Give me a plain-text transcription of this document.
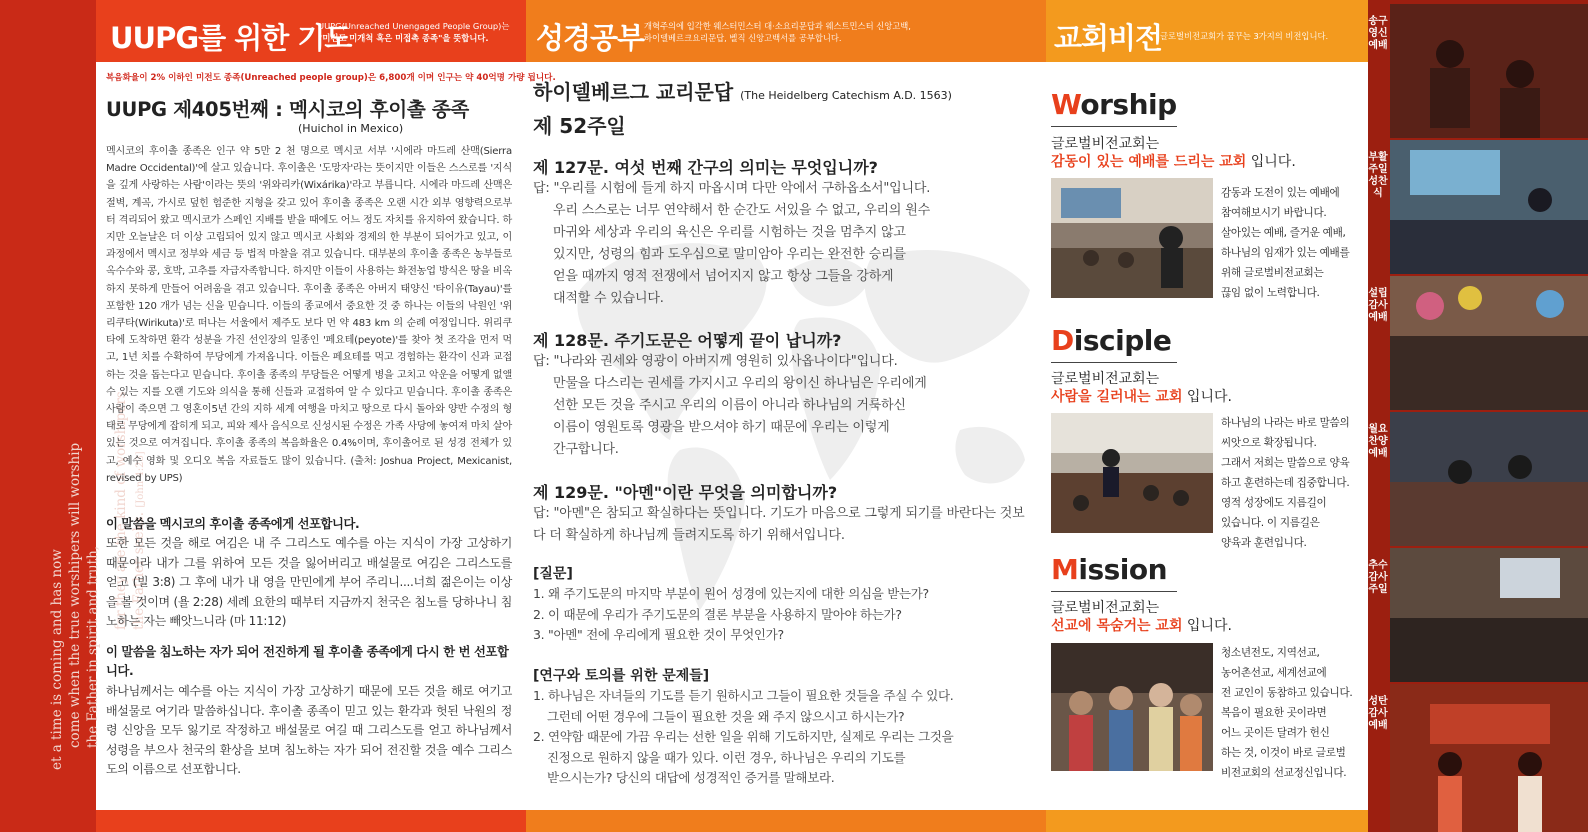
et a time is coming and has now come when the true worshipers will worship the Father in spirit and truth,
for they are the kind of worshipers the Father seeks. [John 4:23]
UUPG를 위한 기도
UUPG(Unreached Unengaged People Group)는
"미전도 미개척 혹은 미접촉 종족"을 뜻합니다. 성경공부 개혁주의에 입각한 웨스터민스터 대·소요리문답과 웨스트민스터 신앙고백,
하이델베르크요리문답, 벨직 신앙고백서를 공부합니다.	교회비전
글로벌비전교회가 꿈꾸는 3가지의 비전입니다.
복음화율이 2% 이하인 미전도 종족(Unreached people group)은 6,800개 이며 인구는 약 40억명 가량 됩니다.
UUPG 제405번째 : 멕시코의 후이촐 종족
(Huichol in Mexico)
멕시코의 후이촐 종족은 인구 약 5만 2 천 명으로 멕시코 서부 '시에라 마드레 산맥(Sierra Madre Occidental)'에 살고 있습니다. 후이촐은 '도망자'라는 뜻이지만 이들은 스스로를 '지식을 깊게 사랑하는 사람'이라는 뜻의 '위와리카(Wixárika)'라고 부릅니다. 시에라 마드레 산맥은 절벽, 계곡, 가시로 덮힌 험준한 지형을 갖고 있어 후이촐 종족은 오랜 시간 외부 영향력으로부터 격리되어 왔고 멕시코가 스페인 지배를 받을 때에도 어느 정도 자치를 유지하여 왔습니다. 하지만 오늘날은 더 이상 고립되어 있지 않고 멕시코 사회와 경제의 한 부분이 되어가고 있고, 이 과정에서 멕시코 정부와 세금 등 법적 마찰을 겪고 있습니다. 대부분의 후이촐 종족은 농부들로 옥수수와 콩, 호박, 고추를 자급자족합니다. 하지만 이들이 사용하는 화전농업 방식은 땅을 비옥하지 못하게 만들어 어려움을 겪고 있습니다. 후이촐 종족은 아버지 태양신 '타이유(Tayau)'를 포함한 120 개가 넘는 신을 믿습니다. 이들의 종교에서 중요한 것 중 하나는 이들의 낙원인 '위리쿠타(Wirikuta)'로 떠나는 서울에서 제주도 보다 먼 약 483 km 의 순례 여정입니다. 위리쿠타에 도착하면 환각 성분을 가진 선인장의 일종인 '페요테(peyote)'를 찾아 첫 조각을 먼저 먹고, 1년 치를 수확하여 무당에게 가져옵니다. 이들은 페요테를 먹고 경험하는 환각이 신과 교접하는 것을 돕는다고 믿습니다. 후이촐 종족의 무당들은 어떻게 병을 고치고 악운을 어떻게 없앨 수 있는 지를 오랜 기도와 의식을 통해 신들과 교접하여 알 수 있다고 믿습니다. 후이촐 종족은 사람이 죽으면 그 영혼이5년 간의 지하 세계 여행을 마치고 땅으로 다시 돌아와 양반 수정의 형태로 무당에게 잡히게 되고, 피와 제사 음식으로 신성시된 수정은 가족 사당에 놓여져 마치 살아 있는 것으로 여겨집니다. 후이촐 종족의 복음화율은 0.4%이며, 후이촐어로 된 성경 전체가 있고, 예수 영화 및 오디오 복음 자료들도 많이 있습니다. (출처: Joshua Project, Mexicanist, revised by UPS)
이 말씀을 멕시코의 후이촐 종족에게 선포합니다.
또한 모든 것을 해로 여김은 내 주 그리스도 예수를 아는 지식이 가장 고상하기 때문이라 내가 그를 위하여 모든 것을 잃어버리고 배설물로 여김은 그리스도를 얻고 (빌 3:8) 그 후에 내가 내 영을 만민에게 부어 주리니....너희 젊은이는 이상을 볼 것이며 (욜 2:28) 세례 요한의 때부터 지금까지 천국은 침노를 당하나니 침노하는 자는 빼앗느니라 (마 11:12)
이 말씀을 침노하는 자가 되어 전진하게 될 후이촐 종족에게 다시 한 번 선포합니다.
하나님께서는 예수를 아는 지식이 가장 고상하기 때문에 모든 것을 해로 여기고 배설물로 여기라 말씀하십니다. 후이촐 종족이 믿고 있는 환각과 헛된 낙원의 정령 신앙을 모두 잃기로 작정하고 배설물로 여길 때 그리스도를 얻고 하나님께서 성령을 부으사 천국의 환상을 보며 침노하는 자가 되어 전진할 것을 예수 그리스도의 이름으로 선포합니다.
하이델베르그 교리문답 (The Heidelberg Catechism A.D. 1563)
제 52주일
제 127문. 여섯 번째 간구의 의미는 무엇입니까?
답: "우리를 시험에 들게 하지 마옵시며 다만 악에서 구하옵소서"입니다.
우리 스스로는 너무 연약해서 한 순간도 서있을 수 없고, 우리의 원수
마귀와 세상과 우리의 육신은 우리를 시험하는 것을 멈추지 않고
있지만, 성령의 힘과 도우심으로 말미암아 우리는 완전한 승리를
얻을 때까지 영적 전쟁에서 넘어지지 않고 항상 그들을 강하게
대적할 수 있습니다.
제 128문. 주기도문은 어떻게 끝이 납니까?
답: "나라와 권세와 영광이 아버지께 영원히 있사옵나이다"입니다.
만물을 다스리는 권세를 가지시고 우리의 왕이신 하나님은 우리에게
선한 모든 것을 주시고 우리의 이름이 아니라 하나님의 거룩하신
이름이 영원토록 영광을 받으셔야 하기 때문에 우리는 이렇게
간구합니다.
제 129문. "아멘"이란 무엇을 의미합니까?
답: "아멘"은 참되고 확실하다는 뜻입니다. 기도가 마음으로 그렇게 되기를 바란다는 것보
다 더 확실하게 하나님께 들려지도록 하기 위해서입니다.
[질문]
1. 왜 주기도문의 마지막 부분이 원어 성경에 있는지에 대한 의심을 받는가?
2. 이 때문에 우리가 주기도문의 결론 부분을 사용하지 말아야 하는가?
3. "아멘" 전에 우리에게 필요한 것이 무엇인가?
[연구와 토의를 위한 문제들]
1. 하나님은 자녀들의 기도를 듣기 원하시고 그들이 필요한 것들을 주실 수 있다.
그런데 어떤 경우에 그들이 필요한 것을 왜 주지 않으시고 하시는가?
2. 연약함 때문에 가끔 우리는 선한 일을 위해 기도하지만, 실제로 우리는 그것을
진정으로 원하지 않을 때가 있다. 이런 경우, 하나님은 우리의 기도를
받으시는가? 당신의 대답에 성경적인 증거를 말해보라.
Worship
글로벌비전교회는
감동이 있는 예배를 드리는 교회 입니다.
감동과 도전이 있는 예배에
참여해보시기 바랍니다.
살아있는 예배, 즐거운 예배,
하나님의 임재가 있는 예배를
위해 글로벌비전교회는
끊임 없이 노력합니다.
Disciple
글로벌비전교회는
사람을 길러내는 교회 입니다.
하나님의 나라는 바로 말씀의
씨앗으로 확장됩니다.
그래서 저희는 말씀으로 양육
하고 훈련하는데 집중합니다.
영적 성장에도 지름길이
있습니다. 이 지름길은
양육과 훈련입니다.
Mission
글로벌비전교회는
선교에 목숨거는 교회 입니다.
청소년전도, 지역선교,
농어촌선교, 세계선교에
전 교인이 동참하고 있습니다.
복음이 필요한 곳이라면
어느 곳이든 달려가 헌신
하는 것, 이것이 바로 글로벌
비전교회의 선교정신입니다.
송구영신예배
부활주일 성찬식
설립감사예배
월요찬양예배
추수감사주일
성탄감사예배
